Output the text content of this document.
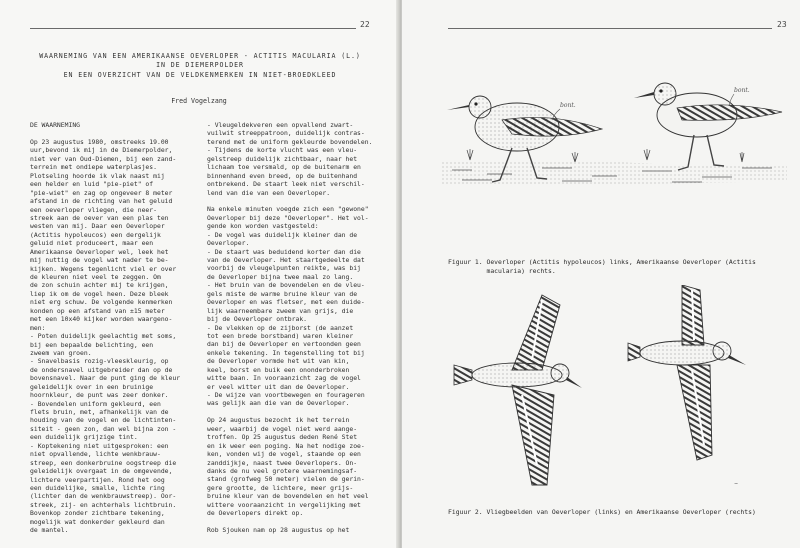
22
WAARNEMING VAN EEN AMERIKAANSE OEVERLOPER - ACTITIS MACULARIA (L.)
IN DE DIEMERPOLDER
EN EEN OVERZICHT VAN DE VELDKENMERKEN IN NIET-BROEDKLEED
Fred Vogelzang
DE WAARNEMING
Op 23 augustus 1980, omstreeks 19.00
uur,bevond ik mij in de Diemerpolder,
niet ver van Oud-Diemen, bij een zand-
terrein met ondiepe waterplasjes.
Plotseling hoorde ik vlak naast mij
een helder en luid "pie-piet" of
"pie-wiet" en zag op ongeveer 8 meter
afstand in de richting van het geluid
een oeverloper vliegen, die neer-
streek aan de oever van een plas ten
westen van mij. Daar een Oeverloper
(Actitis hypoleucos) een dergelijk
geluid niet produceert, maar een
Amerikaanse Oeverloper wel, leek het
mij nuttig de vogel wat nader te be-
kijken. Wegens tegenlicht viel er over
de kleuren niet veel te zeggen. Om
de zon schuin achter mij te krijgen,
liep ik om de vogel heen. Deze bleek
niet erg schuw. De volgende kenmerken
konden op een afstand van ±15 meter
met een 10x40 kijker worden waargeno-
men:
- Poten duidelijk geelachtig met soms,
bij een bepaalde belichting, een
zweem van groen.
- Snavelbasis rozig-vleeskleurig, op
de ondersnavel uitgebreider dan op de
bovensnavel. Naar de punt ging de kleur
geleidelijk over in een bruinige
hoornkleur, de punt was zeer donker.
- Bovendelen uniform gekleurd, een
flets bruin, met, afhankelijk van de
houding van de vogel en de lichtinten-
siteit - geen zon, dan wel bijna zon -
een duidelijk grijzige tint.
- Koptekening niet uitgesproken: een
niet opvallende, lichte wenkbrauw-
streep, een donkerbruine oogstreep die
geleidelijk overgaat in de omgevende,
lichtere veerpartijen. Rond het oog
een duidelijke, smalle, lichte ring
(lichter dan de wenkbrauwstreep). Oor-
streek, zij- en achterhals lichtbruin.
Bovenkop zonder zichtbare tekening,
mogelijk wat donkerder gekleurd dan
de mantel.
- Vleugeldekveren een opvallend zwart-
vuilwit streeppatroon, duidelijk contras-
terend met de uniform gekleurde bovendelen.
- Tijdens de korte vlucht was een vleu-
gelstreep duidelijk zichtbaar, naar het
lichaam toe versmald, op de buitenarm en
binnenhand even breed, op de buitenhand
ontbrekend. De staart leek niet verschil-
lend van die van een Oeverloper.
Na enkele minuten voegde zich een "gewone"
Oeverloper bij deze "Oeverloper". Het vol-
gende kon worden vastgesteld:
- De vogel was duidelijk kleiner dan de
Oeverloper.
- De staart was beduidend korter dan die
van de Oeverloper. Het staartgedeelte dat
voorbij de vleugelpunten reikte, was bij
de Oeverloper bijna twee maal zo lang.
- Het bruin van de bovendelen en de vleu-
gels miste de warme bruine kleur van de
Oeverloper en was fletser, met een duide-
lijk waarneembare zweem van grijs, die
bij de Oeverloper ontbrak.
- De vlekken op de zijborst (de aanzet
tot een brede borstband) waren kleiner
dan bij de Oeverloper en vertoonden geen
enkele tekening. In tegenstelling tot bij
de Oeverloper vormde het wit van kin,
keel, borst en buik een ononderbroken
witte baan. In vooraanzicht zag de vogel
er veel witter uit dan de Oeverloper.
- De wijze van voortbewegen en fourageren
was gelijk aan die van de Oeverloper.
Op 24 augustus bezocht ik het terrein
weer, waarbij de vogel niet werd aange-
troffen. Op 25 augustus deden René Stet
en ik weer een poging. Na het nodige zoe-
ken, vonden wij de vogel, staande op een
zanddijkje, naast twee Oeverlopers. On-
danks de nu veel grotere waarnemingsaf-
stand (grofweg 50 meter) vielen de gerin-
gere grootte, de lichtere, meer grijs-
bruine kleur van de bovendelen en het veel
wittere vooraanzicht in vergelijking met
de Oeverlopers direkt op.
Rob Sjouken nam op 28 augustus op het
23
bont.
bont.
Figuur 1. Oeverloper (Actitis hypoleucos) links, Amerikaanse Oeverloper (Actitis
macularia) rechts.
~
Figuur 2. Vliegbeelden van Oeverloper (links) en Amerikaanse Oeverloper (rechts)
